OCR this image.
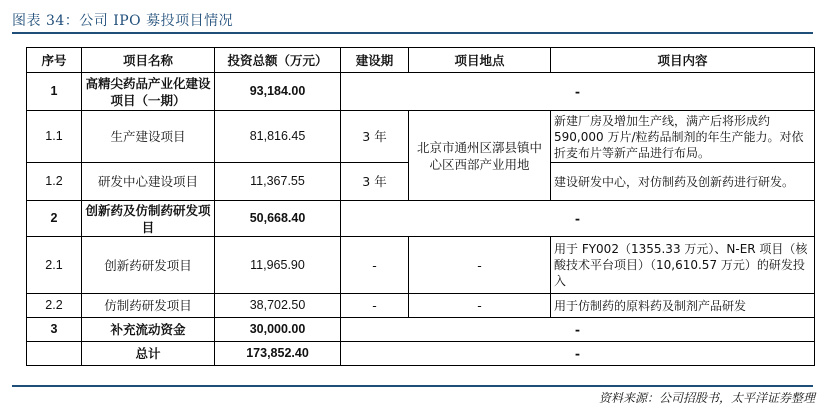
图表 34：公司 IPO 募投项目情况
序号	项目名称	投资总额（万元）	建设期	项目地点	项目内容
1	高精尖药品产业化建设项目（一期）	93,184.00	-		
1.1	生产建设项目	81,816.45	3 年	北京市通州区漷县镇中心区西部产业用地	新建厂房及增加生产线，满产后将形成约 590,000 万片/粒药品制剂的年生产能力。对依折麦布片等新产品进行布局。
1.2	研发中心建设项目	11,367.55	3 年		建设研发中心，对仿制药及创新药进行研发。
2	创新药及仿制药研发项目	50,668.40	-		
2.1	创新药研发项目	11,965.90	-	-	用于 FY002（1355.33 万元）、N-ER 项目（核酸技术平台项目）（10,610.57 万元）的研发投入
2.2	仿制药研发项目	38,702.50	-	-	用于仿制药的原料药及制剂产品研发
3	补充流动资金	30,000.00	-		
	总计	173,852.40	-		
资料来源：公司招股书，太平洋证券整理
